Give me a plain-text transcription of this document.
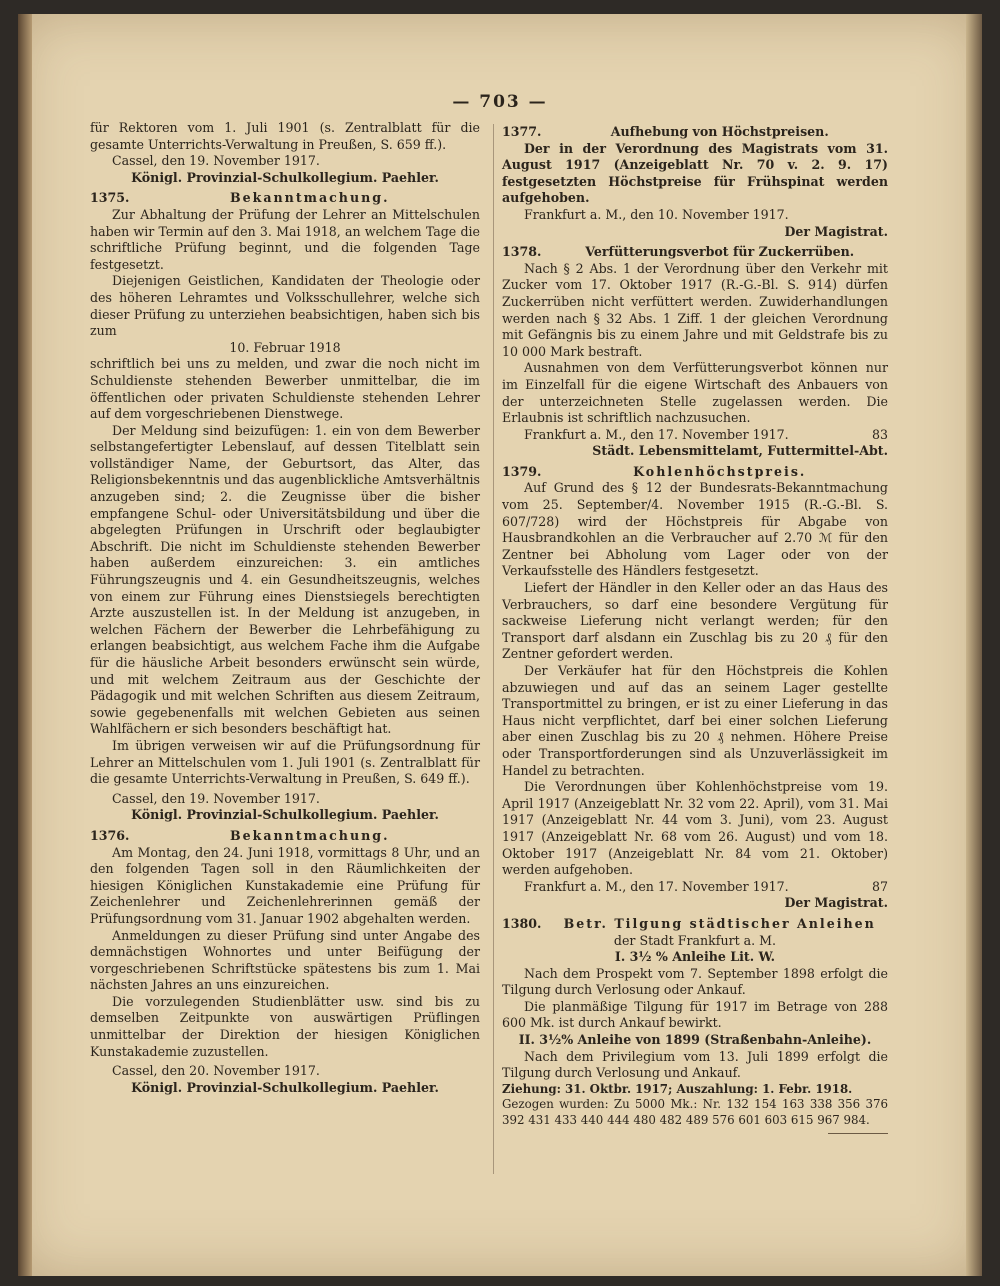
— 703 —

für Rektoren vom 1. Juli 1901 (s. Zentralblatt für die gesamte Unterrichts-Verwaltung in Preußen, S. 659 ff.).

Cassel, den 19. November 1917.

Königl. Provinzial-Schulkollegium. Paehler.

1375.	Bekanntmachung.

Zur Abhaltung der Prüfung der Lehrer an Mittelschulen haben wir Termin auf den 3. Mai 1918, an welchem Tage die schriftliche Prüfung beginnt, und die folgenden Tage festgesetzt.

Diejenigen Geistlichen, Kandidaten der Theologie oder des höheren Lehramtes und Volksschullehrer, welche sich dieser Prüfung zu unterziehen beabsichtigen, haben sich bis zum

10. Februar 1918

schriftlich bei uns zu melden, und zwar die noch nicht im Schuldienste stehenden Bewerber unmittelbar, die im öffentlichen oder privaten Schuldienste stehenden Lehrer auf dem vorgeschriebenen Dienstwege.

Der Meldung sind beizufügen: 1. ein von dem Bewerber selbstangefertigter Lebenslauf, auf dessen Titelblatt sein vollständiger Name, der Geburtsort, das Alter, das Religionsbekenntnis und das augenblickliche Amtsverhältnis anzugeben sind; 2. die Zeugnisse über die bisher empfangene Schul- oder Universitätsbildung und über die abgelegten Prüfungen in Urschrift oder beglaubigter Abschrift. Die nicht im Schuldienste stehenden Bewerber haben außerdem einzureichen: 3. ein amtliches Führungszeugnis und 4. ein Gesundheitszeugnis, welches von einem zur Führung eines Dienstsiegels berechtigten Arzte auszustellen ist. In der Meldung ist anzugeben, in welchen Fächern der Bewerber die Lehrbefähigung zu erlangen beabsichtigt, aus welchem Fache ihm die Aufgabe für die häusliche Arbeit besonders erwünscht sein würde, und mit welchem Zeitraum aus der Geschichte der Pädagogik und mit welchen Schriften aus diesem Zeitraum, sowie gegebenenfalls mit welchen Gebieten aus seinen Wahlfächern er sich besonders beschäftigt hat.

Im übrigen verweisen wir auf die Prüfungsordnung für Lehrer an Mittelschulen vom 1. Juli 1901 (s. Zentralblatt für die gesamte Unterrichts-Verwaltung in Preußen, S. 649 ff.).

Cassel, den 19. November 1917.

Königl. Provinzial-Schulkollegium. Paehler.

1376.	Bekanntmachung.

Am Montag, den 24. Juni 1918, vormittags 8 Uhr, und an den folgenden Tagen soll in den Räumlichkeiten der hiesigen Königlichen Kunstakademie eine Prüfung für Zeichenlehrer und Zeichenlehrerinnen gemäß der Prüfungsordnung vom 31. Januar 1902 abgehalten werden.

Anmeldungen zu dieser Prüfung sind unter Angabe des demnächstigen Wohnortes und unter Beifügung der vorgeschriebenen Schriftstücke spätestens bis zum 1. Mai nächsten Jahres an uns einzureichen.

Die vorzulegenden Studienblätter usw. sind bis zu demselben Zeitpunkte von auswärtigen Prüflingen unmittelbar der Direktion der hiesigen Königlichen Kunstakademie zuzustellen.

Cassel, den 20. November 1917.

Königl. Provinzial-Schulkollegium. Paehler.

1377.	Aufhebung von Höchstpreisen.

Der in der Verordnung des Magistrats vom 31. August 1917 (Anzeigeblatt Nr. 70 v. 2. 9. 17) festgesetzten Höchstpreise für Frühspinat werden aufgehoben.

Frankfurt a. M., den 10. November 1917.

Der Magistrat.

1378.	Verfütterungsverbot für Zuckerrüben.

Nach § 2 Abs. 1 der Verordnung über den Verkehr mit Zucker vom 17. Oktober 1917 (R.-G.-Bl. S. 914) dürfen Zuckerrüben nicht verfüttert werden. Zuwiderhandlungen werden nach § 32 Abs. 1 Ziff. 1 der gleichen Verordnung mit Gefängnis bis zu einem Jahre und mit Geldstrafe bis zu 10 000 Mark bestraft.

Ausnahmen von dem Verfütterungsverbot können nur im Einzelfall für die eigene Wirtschaft des Anbauers von der unterzeichneten Stelle zugelassen werden. Die Erlaubnis ist schriftlich nachzusuchen.

Frankfurt a. M., den 17. November 1917.	83

Städt. Lebensmittelamt, Futtermittel-Abt.

1379.	Kohlenhöchstpreis.

Auf Grund des § 12 der Bundesrats-Bekanntmachung vom 25. September/4. November 1915 (R.-G.-Bl. S. 607/728) wird der Höchstpreis für Abgabe von Hausbrandkohlen an die Verbraucher auf 2.70 ℳ für den Zentner bei Abholung vom Lager oder von der Verkaufsstelle des Händlers festgesetzt.

Liefert der Händler in den Keller oder an das Haus des Verbrauchers, so darf eine besondere Vergütung für sackweise Lieferung nicht verlangt werden; für den Transport darf alsdann ein Zuschlag bis zu 20 ₰ für den Zentner gefordert werden.

Der Verkäufer hat für den Höchstpreis die Kohlen abzuwiegen und auf das an seinem Lager gestellte Transportmittel zu bringen, er ist zu einer Lieferung in das Haus nicht verpflichtet, darf bei einer solchen Lieferung aber einen Zuschlag bis zu 20 ₰ nehmen. Höhere Preise oder Transportforderungen sind als Unzuverlässigkeit im Handel zu betrachten.

Die Verordnungen über Kohlenhöchstpreise vom 19. April 1917 (Anzeigeblatt Nr. 32 vom 22. April), vom 31. Mai 1917 (Anzeigeblatt Nr. 44 vom 3. Juni), vom 23. August 1917 (Anzeigeblatt Nr. 68 vom 26. August) und vom 18. Oktober 1917 (Anzeigeblatt Nr. 84 vom 21. Oktober) werden aufgehoben.

Frankfurt a. M., den 17. November 1917.	87

Der Magistrat.

1380.	Betr. Tilgung städtischer Anleihen

der Stadt Frankfurt a. M.

I. 3½ % Anleihe Lit. W.

Nach dem Prospekt vom 7. September 1898 erfolgt die Tilgung durch Verlosung oder Ankauf.

Die planmäßige Tilgung für 1917 im Betrage von 288 600 Mk. ist durch Ankauf bewirkt.

II. 3½% Anleihe von 1899 (Straßenbahn-Anleihe).

Nach dem Privilegium vom 13. Juli 1899 erfolgt die Tilgung durch Verlosung und Ankauf.

Ziehung: 31. Oktbr. 1917; Auszahlung: 1. Febr. 1918.

Gezogen wurden: Zu 5000 Mk.: Nr. 132 154 163 338 356 376 392 431 433 440 444 480 482 489 576 601 603 615 967 984.
